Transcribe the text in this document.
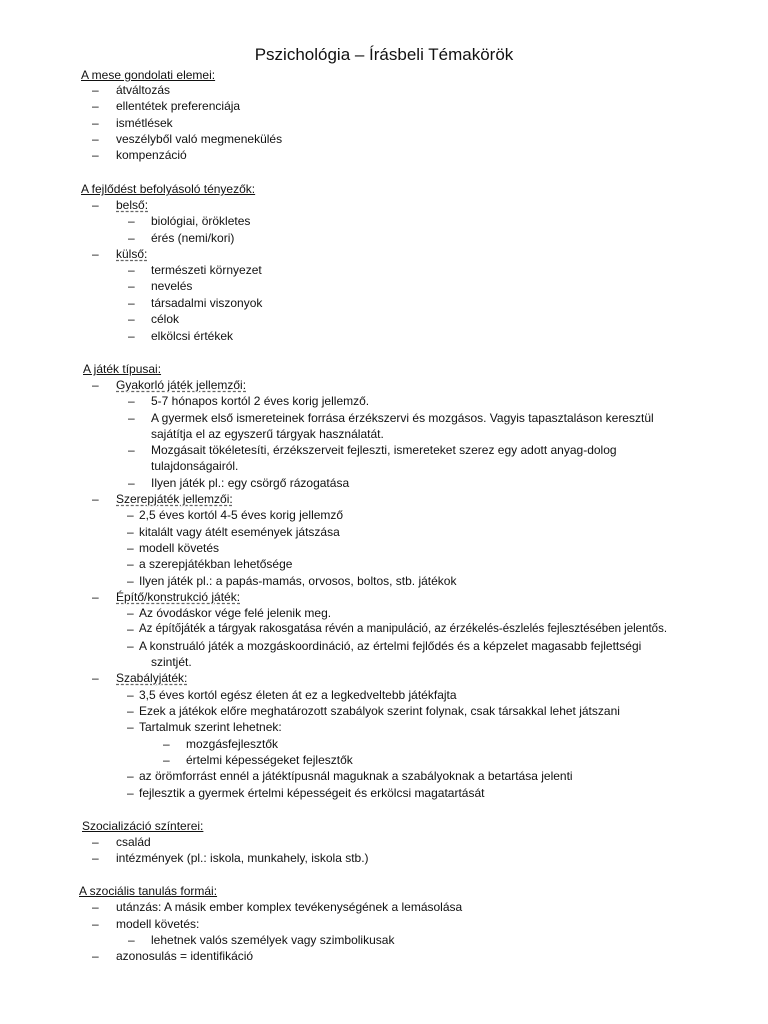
Pszichológia – Írásbeli Témakörök
A mese gondolati elemei:
– átváltozás
– ellentétek preferenciája
– ismétlések
– veszélyből való megmenekülés
– kompenzáció
A fejlődést befolyásoló tényezők:
– belső:
– biológiai, örökletes
– érés (nemi/kori)
– külső:
– természeti környezet
– nevelés
– társadalmi viszonyok
– célok
– elkölcsi értékek
A játék típusai:
– Gyakorló játék jellemzői:
– 5-7 hónapos kortól 2 éves korig jellemző.
– A gyermek első ismereteinek forrása érzékszervi és mozgásos. Vagyis tapasztaláson keresztül
sajátítja el az egyszerű tárgyak használatát.
– Mozgásait tökéletesíti, érzékszerveit fejleszti, ismereteket szerez egy adott anyag-dolog
tulajdonságairól.
– Ilyen játék pl.: egy csörgő rázogatása
– Szerepjáték jellemzői:
– 2,5 éves kortól 4-5 éves korig jellemző
– kitalált vagy átélt események játszása
– modell követés
– a szerepjátékban lehetősége
– Ilyen játék pl.: a papás-mamás, orvosos, boltos, stb. játékok
– Építő/konstrukció játék:
– Az óvodáskor vége felé jelenik meg.
– Az építőjáték a tárgyak rakosgatása révén a manipuláció, az érzékelés-észlelés fejlesztésében jelentős.
– A konstruáló játék a mozgáskoordináció, az értelmi fejlődés és a képzelet magasabb fejlettségi
szintjét.
– Szabályjáték:
– 3,5 éves kortól egész életen át ez a legkedveltebb játékfajta
– Ezek a játékok előre meghatározott szabályok szerint folynak, csak társakkal lehet játszani
– Tartalmuk szerint lehetnek:
– mozgásfejlesztők
– értelmi képességeket fejlesztők
– az örömforrást ennél a játéktípusnál maguknak a szabályoknak a betartása jelenti
– fejlesztik a gyermek értelmi képességeit és erkölcsi magatartását
Szocializáció színterei:
– család
– intézmények (pl.: iskola, munkahely, iskola stb.)
A szociális tanulás formái:
– utánzás: A másik ember komplex tevékenységének a lemásolása
– modell követés:
– lehetnek valós személyek vagy szimbolikusak
– azonosulás = identifikáció
